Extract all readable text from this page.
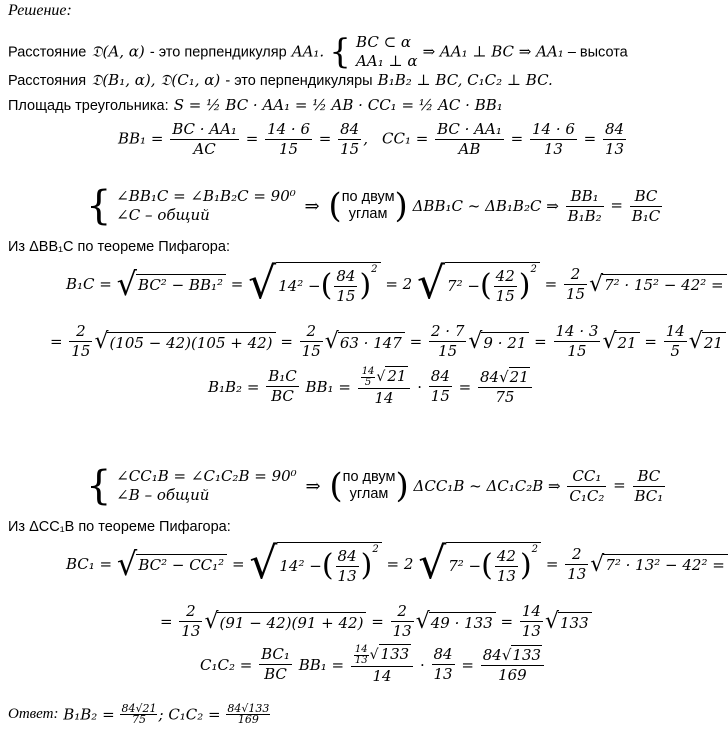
Решение:
Расстояние 𝔇(A, α) - это перпендикуляр AA₁. { BC ⊂ α
AA₁ ⊥ α
⇒ AA₁ ⊥ BC ⇒ AA₁ – высота
Расстояния 𝔇(B₁, α), 𝔇(C₁, α) - это перпендикуляры B₁B₂ ⊥ BC, C₁C₂ ⊥ BC.
Площадь треугольника: S = ½ BC · AA₁ = ½ AB · CC₁ = ½ AC · BB₁
$BB_1 = \frac{\text{BC · AA₁}}{AC} = \frac{14 \cdot 6}{15} = \frac{84}{15}$ , $CC_1 = \frac{\text{BC · AA₁}}{AB} = \frac{14 \cdot 6}{13} = \frac{84}{13}$
{ ∠BB₁C = ∠B₁B₂C = 90⁰
∠C – общий	⇒ ( по двум
углам ) ΔBB₁C ~ ΔB₁B₂C ⇒ $\frac{\text{BB₁}}{\text{B₁B₂}} = \frac{BC}{\text{B₁C}}$
Из ΔBB₁C по теореме Пифагора:
B₁C = √BC² − BB₁² = √ 14² −( $\frac{84}{15} )^2 = 2$ √ 7² −( $\frac{42}{15} )^2 = \frac{2}{15} √7^2 \cdot 15^2 - 42^2$ =
= $\frac{2}{15} √(105 - 42)(105 + 42) = \frac{2}{15} √63 \cdot 147 = \frac{2 \cdot 7}{15} √9 \cdot 21 = \frac{14 \cdot 3}{15} √21 = \frac{14}{5} √21$
$B_1B_2 = \frac{\text{B₁C}}{BC} BB_1 = \frac{\frac{14}{5} √ 21}{14} \cdot \frac{84}{15} = \frac{84√21}{75}$
{ ∠CC₁B = ∠C₁C₂B = 90⁰
∠B – общий	⇒ ( по двум
углам ) ΔCC₁B ~ ΔC₁C₂B ⇒ $\frac{\text{CC₁}}{\text{C₁C₂}} = \frac{BC}{\text{BC₁}}$
Из ΔCC₁B по теореме Пифагора:
BC₁ = √BC² − CC₁² = √ 14² −( $\frac{84}{13} )^2 = 2$ √ 7² −( $\frac{42}{13} )^2 = \frac{2}{13} √7^2 \cdot 13^2 - 42^2$ =
= $\frac{2}{13} √(91 - 42)(91 + 42) = \frac{2}{13} √49 \cdot 133 = \frac{14}{13} √133$
$C_1C_2 = \frac{\text{BC₁}}{BC} BB_1 = \frac{\frac{14}{13} √ 133}{14} \cdot \frac{84}{13} = \frac{84√133}{169}$
Ответ: $B_1B_2 = \frac{84√21}{75}$ ; $C_1C_2 = \frac{84√133}{169}$
